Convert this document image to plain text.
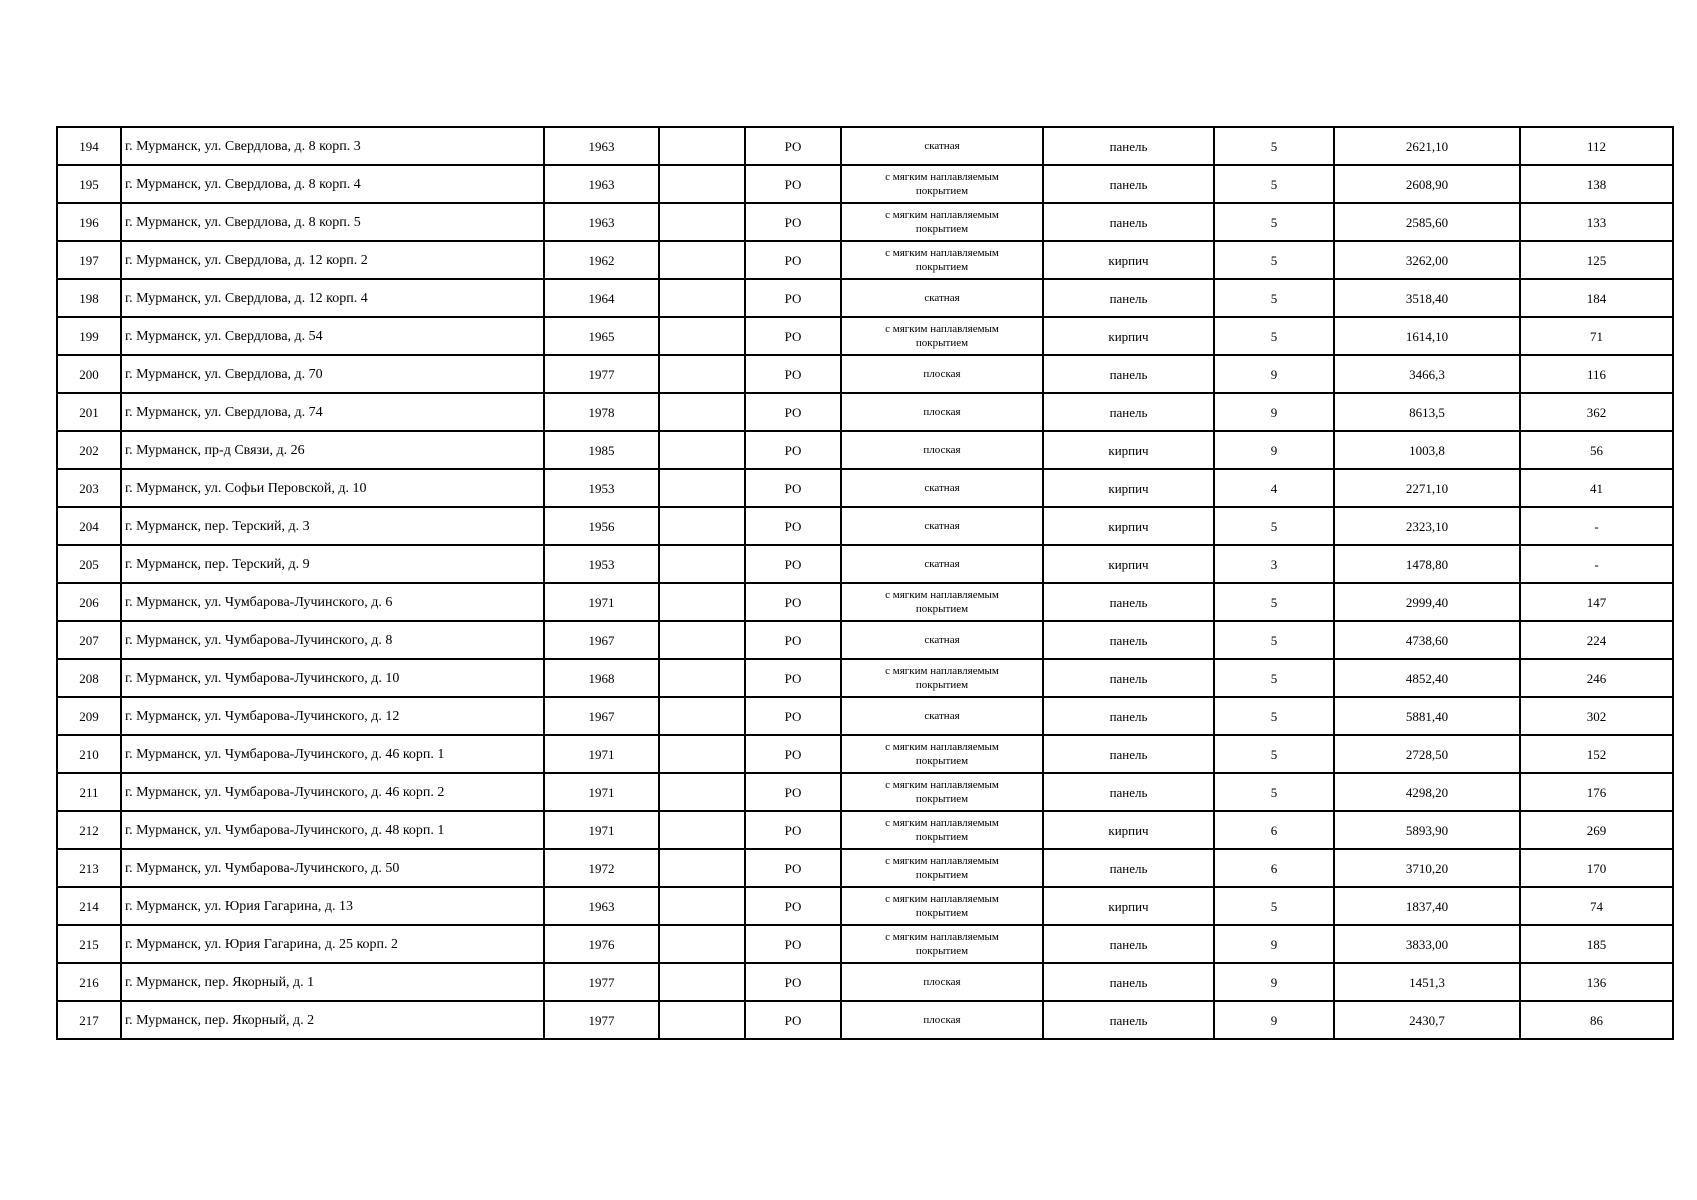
194	г. Мурманск, ул. Свердлова, д. 8 корп. 3	1963		РО	скатная	панель	5	2621,10	112
195	г. Мурманск, ул. Свердлова, д. 8 корп. 4	1963		РО	с мягким наплавляемым покрытием	панель	5	2608,90	138
196	г. Мурманск, ул. Свердлова, д. 8 корп. 5	1963		РО	с мягким наплавляемым покрытием	панель	5	2585,60	133
197	г. Мурманск, ул. Свердлова, д. 12 корп. 2	1962		РО	с мягким наплавляемым покрытием	кирпич	5	3262,00	125
198	г. Мурманск, ул. Свердлова, д. 12 корп. 4	1964		РО	скатная	панель	5	3518,40	184
199	г. Мурманск, ул. Свердлова, д. 54	1965		РО	с мягким наплавляемым покрытием	кирпич	5	1614,10	71
200	г. Мурманск, ул. Свердлова, д. 70	1977		РО	плоская	панель	9	3466,3	116
201	г. Мурманск, ул. Свердлова, д. 74	1978		РО	плоская	панель	9	8613,5	362
202	г. Мурманск, пр-д Связи, д. 26	1985		РО	плоская	кирпич	9	1003,8	56
203	г. Мурманск, ул. Софьи Перовской, д. 10	1953		РО	скатная	кирпич	4	2271,10	41
204	г. Мурманск, пер. Терский, д. 3	1956		РО	скатная	кирпич	5	2323,10	-
205	г. Мурманск, пер. Терский, д. 9	1953		РО	скатная	кирпич	3	1478,80	-
206	г. Мурманск, ул. Чумбарова-Лучинского, д. 6	1971		РО	с мягким наплавляемым покрытием	панель	5	2999,40	147
207	г. Мурманск, ул. Чумбарова-Лучинского, д. 8	1967		РО	скатная	панель	5	4738,60	224
208	г. Мурманск, ул. Чумбарова-Лучинского, д. 10	1968		РО	с мягким наплавляемым покрытием	панель	5	4852,40	246
209	г. Мурманск, ул. Чумбарова-Лучинского, д. 12	1967		РО	скатная	панель	5	5881,40	302
210	г. Мурманск, ул. Чумбарова-Лучинского, д. 46 корп. 1	1971		РО	с мягким наплавляемым покрытием	панель	5	2728,50	152
211	г. Мурманск, ул. Чумбарова-Лучинского, д. 46 корп. 2	1971		РО	с мягким наплавляемым покрытием	панель	5	4298,20	176
212	г. Мурманск, ул. Чумбарова-Лучинского, д. 48 корп. 1	1971		РО	с мягким наплавляемым покрытием	кирпич	6	5893,90	269
213	г. Мурманск, ул. Чумбарова-Лучинского, д. 50	1972		РО	с мягким наплавляемым покрытием	панель	6	3710,20	170
214	г. Мурманск, ул. Юрия Гагарина, д. 13	1963		РО	с мягким наплавляемым покрытием	кирпич	5	1837,40	74
215	г. Мурманск, ул. Юрия Гагарина, д. 25 корп. 2	1976		РО	с мягким наплавляемым покрытием	панель	9	3833,00	185
216	г. Мурманск, пер. Якорный, д. 1	1977		РО	плоская	панель	9	1451,3	136
217	г. Мурманск, пер. Якорный, д. 2	1977		РО	плоская	панель	9	2430,7	86
